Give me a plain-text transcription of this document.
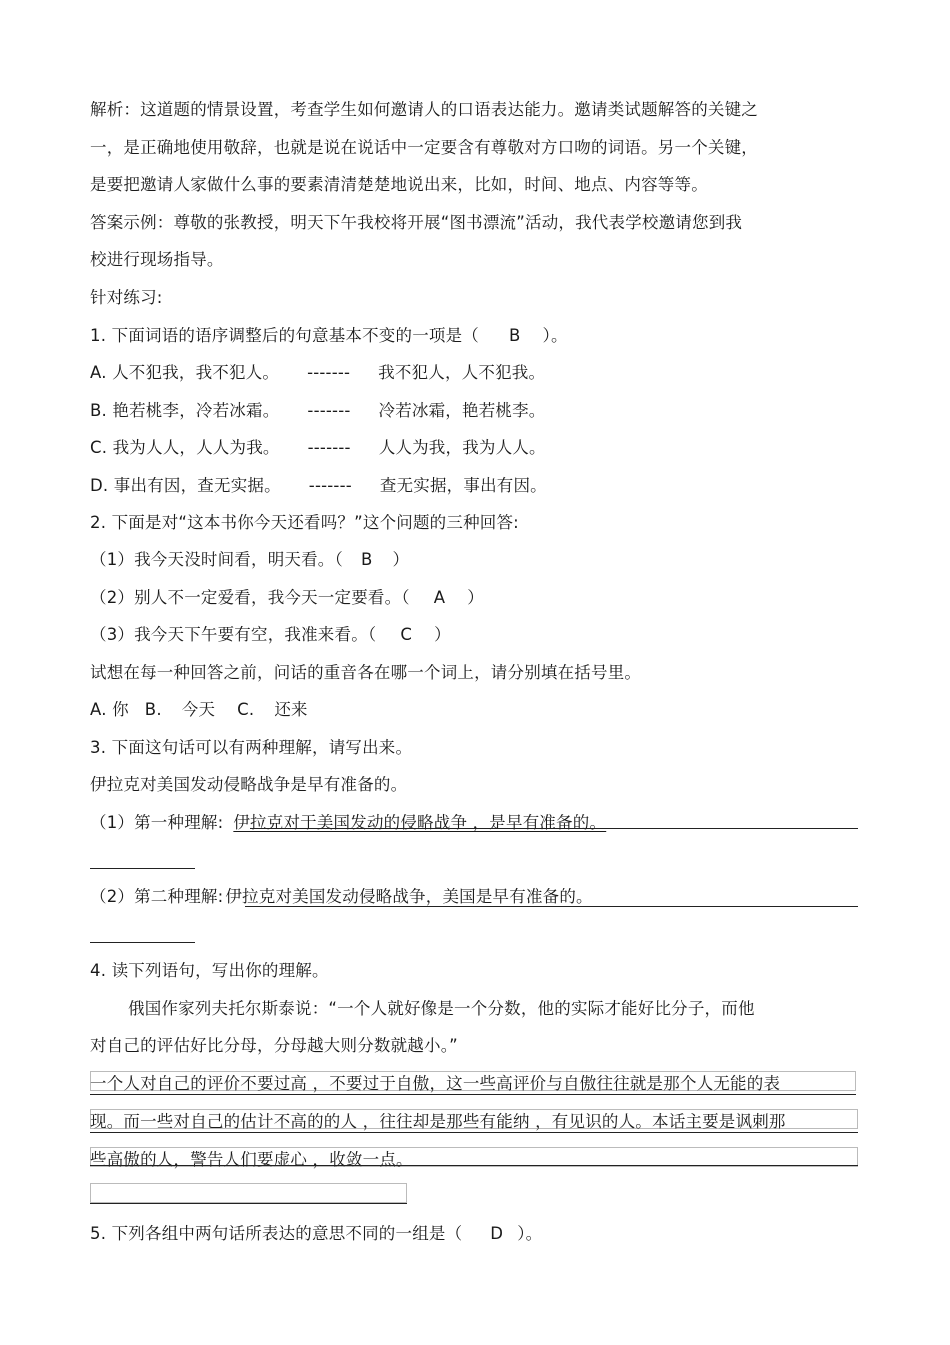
解析：这道题的情景设置，考查学生如何邀请人的口语表达能力。邀请类试题解答的关键之
一，是正确地使用敬辞，也就是说在说话中一定要含有尊敬对方口吻的词语。另一个关键，
是要把邀请人家做什么事的要素清清楚楚地说出来，比如，时间、地点、内容等等。
答案示例：尊敬的张教授，明天下午我校将开展“图书漂流”活动，我代表学校邀请您到我
校进行现场指导。
针对练习:
1. 下面词语的语序调整后的句意基本不变的一项是（ B ）。
A. 人不犯我，我不犯人。 ------- 我不犯人，人不犯我。
B. 艳若桃李，冷若冰霜。 ------- 冷若冰霜，艳若桃李。
C. 我为人人，人人为我。 ------- 人人为我，我为人人。
D. 事出有因，查无实据。 ------- 查无实据，事出有因。
2. 下面是对“这本书你今天还看吗？”这个问题的三种回答:
（1）我今天没时间看，明天看。（ B ）
（2）别人不一定爱看，我今天一定要看。（ A ）
（3）我今天下午要有空，我准来看。（ C ）
试想在每一种回答之前，问话的重音各在哪一个词上，请分别填在括号里。
A. 你 B. 今天 C. 还来
3. 下面这句话可以有两种理解，请写出来。
伊拉克对美国发动侵略战争是早有准备的。
（1）第一种理解: 伊拉克对于美国发动的侵略战争 ，是早有准备的。
（2）第二种理解: 伊拉克对美国发动侵略战争，美国是早有准备的。
4. 读下列语句，写出你的理解。
俄国作家列夫托尔斯泰说：“一个人就好像是一个分数，他的实际才能好比分子，而他
对自己的评估好比分母，分母越大则分数就越小。”
一个人对自己的评价不要过高 ，不要过于自傲，这一些高评价与自傲往往就是那个人无能的表
现。而一些对自己的估计不高的的人 ，往往却是那些有能纳 ，有见识的人。本话主要是讽刺那
些高傲的人，警告人们要虚心 ，收敛一点。
5. 下列各组中两句话所表达的意思不同的一组是（ D ）。
